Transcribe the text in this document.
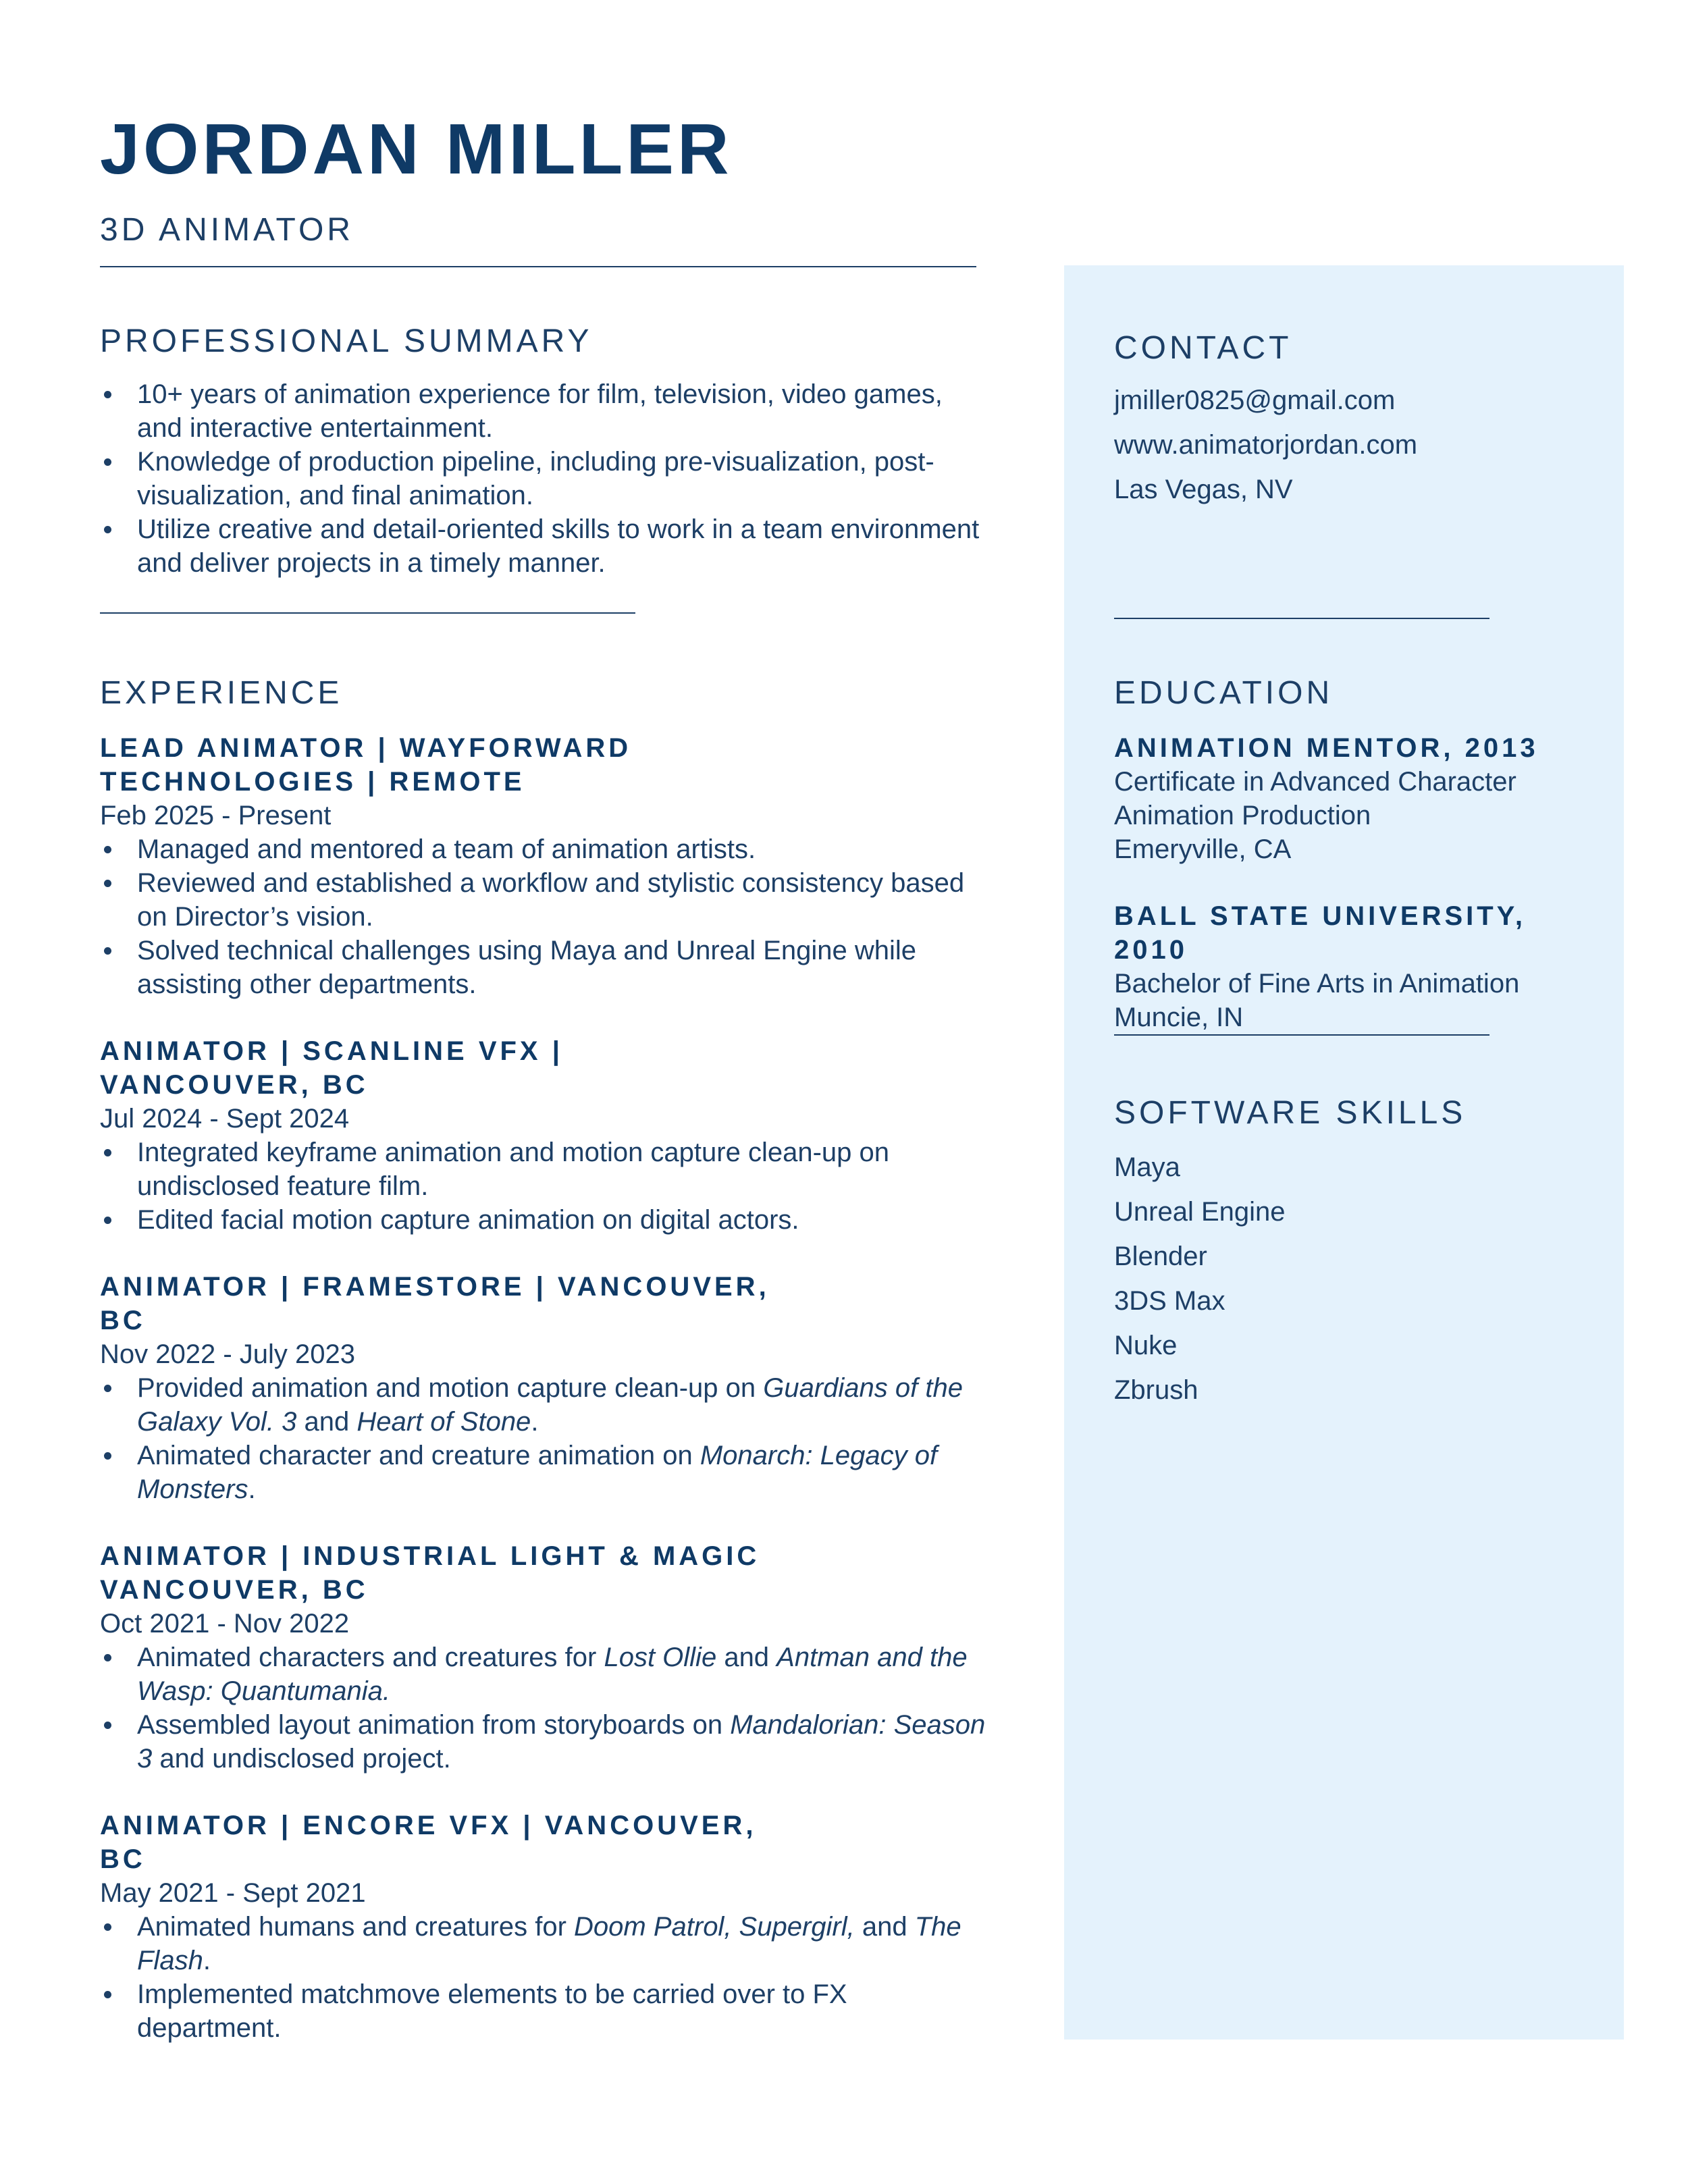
JORDAN MILLER
3D ANIMATOR
PROFESSIONAL SUMMARY
10+ years of animation experience for film, television, video games, and interactive entertainment.
Knowledge of production pipeline, including pre-visualization, post-visualization, and final animation.
Utilize creative and detail-oriented skills to work in a team environment and deliver projects in a timely manner.
EXPERIENCE
LEAD ANIMATOR | WAYFORWARD TECHNOLOGIES | REMOTE
Feb 2025 - Present
Managed and mentored a team of animation artists.
Reviewed and established a workflow and stylistic consistency based on Director’s vision.
Solved technical challenges using Maya and Unreal Engine while assisting other departments.
ANIMATOR | SCANLINE VFX | VANCOUVER, BC
Jul 2024 - Sept 2024
Integrated keyframe animation and motion capture clean-up on undisclosed feature film.
Edited facial motion capture animation on digital actors.
ANIMATOR | FRAMESTORE | VANCOUVER, BC
Nov 2022 - July 2023
Provided animation and motion capture clean-up on Guardians of the Galaxy Vol. 3 and Heart of Stone.
Animated character and creature animation on Monarch: Legacy of Monsters.
ANIMATOR | INDUSTRIAL LIGHT & MAGIC VANCOUVER, BC
Oct 2021 - Nov 2022
Animated characters and creatures for Lost Ollie and Antman and the Wasp: Quantumania.
Assembled layout animation from storyboards on Mandalorian: Season 3 and undisclosed project.
ANIMATOR | ENCORE VFX | VANCOUVER, BC
May 2021 - Sept 2021
Animated humans and creatures for Doom Patrol, Supergirl, and The Flash.
Implemented matchmove elements to be carried over to FX department.
CONTACT
jmiller0825@gmail.com
www.animatorjordan.com
Las Vegas, NV
EDUCATION
ANIMATION MENTOR, 2013
Certificate in Advanced Character Animation Production
Emeryville, CA
BALL STATE UNIVERSITY, 2010
Bachelor of Fine Arts in Animation
Muncie, IN
SOFTWARE SKILLS
Maya
Unreal Engine
Blender
3DS Max
Nuke
Zbrush
